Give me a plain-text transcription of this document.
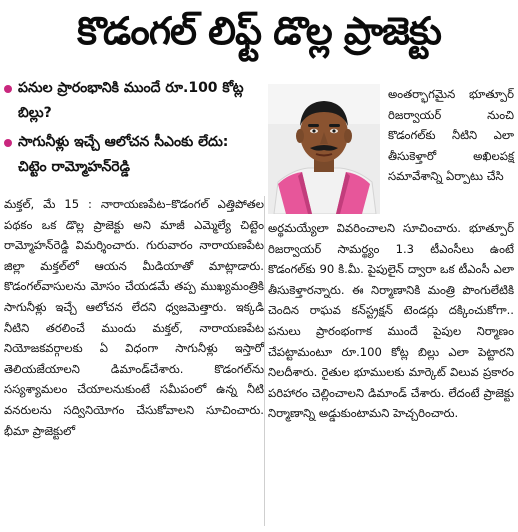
కొడంగల్ లిఫ్ట్ డొల్ల ప్రాజెక్టు
పనుల ప్రారంభానికి ముందే రూ.100 కోట్ల బిల్లు?
సాగునీళ్లు ఇచ్చే ఆలోచన సీఎంకు లేదు: చిట్టెం రామ్మోహన్‌రెడ్డి
అంతర్భాగమైన భూత్పూర్ రిజర్వాయర్ నుంచి కొడంగల్‌కు నీటిని ఎలా తీసుకెళ్తారో అఖిలపక్ష సమావేశాన్ని ఏర్పాటు చేసి
మక్తల్, మే 15 : నారాయణపేట–కొడంగల్ ఎత్తిపోతల పథకం ఒక డొల్ల ప్రాజెక్టు అని మాజీ ఎమ్మెల్యే చిట్టెం రామ్మోహన్‌రెడ్డి విమర్శించారు. గురువారం నారాయణపేట జిల్లా మక్తల్‌లో ఆయన మీడియాతో మాట్లాడారు. కొడంగల్‌వాసులను మోసం చేయడమే తప్ప ముఖ్యమంత్రికి సాగునీళ్లు ఇచ్చే ఆలోచన లేదని ధ్వజమెత్తారు. ఇక్కడి నీటిని తరలించే ముందు మక్తల్, నారాయణపేట నియోజకవర్గాలకు ఏ విధంగా సాగునీళ్లు ఇస్తారో తెలియజేయాలని డిమాండ్‌చేశారు. కొడంగల్‌ను సస్యశ్యామలం చేయాలనుకుంటే సమీపంలో ఉన్న నీటి వనరులను సద్వినియోగం చేసుకోవాలని సూచించారు. భీమా ప్రాజెక్టులో
అర్థమయ్యేలా వివరించాలని సూచించారు. భూత్పూర్ రిజర్వాయర్ సామర్థ్యం 1.3 టీఎంసీలు ఉంటే కొడంగల్‌కు 90 కి.మీ. పైపులైన్ ద్వారా ఒక టీఎంసీ ఎలా తీసుకెళ్తారన్నారు. ఈ నిర్మాణానికి మంత్రి పొంగులేటికి చెందిన రాఘవ కన్‌స్ట్రక్షన్ టెండర్లు దక్కించుకోగా.. పనులు ప్రారంభంగాక ముందే పైపుల నిర్మాణం చేపట్టామంటూ రూ.100 కోట్ల బిల్లు ఎలా పెట్టారని నిలదీశారు. రైతుల భూములకు మార్కెట్ విలువ ప్రకారం పరిహారం చెల్లించాలని డిమాండ్ చేశారు. లేదంటే ప్రాజెక్టు నిర్మాణాన్ని అడ్డుకుంటామని హెచ్చరించారు.
